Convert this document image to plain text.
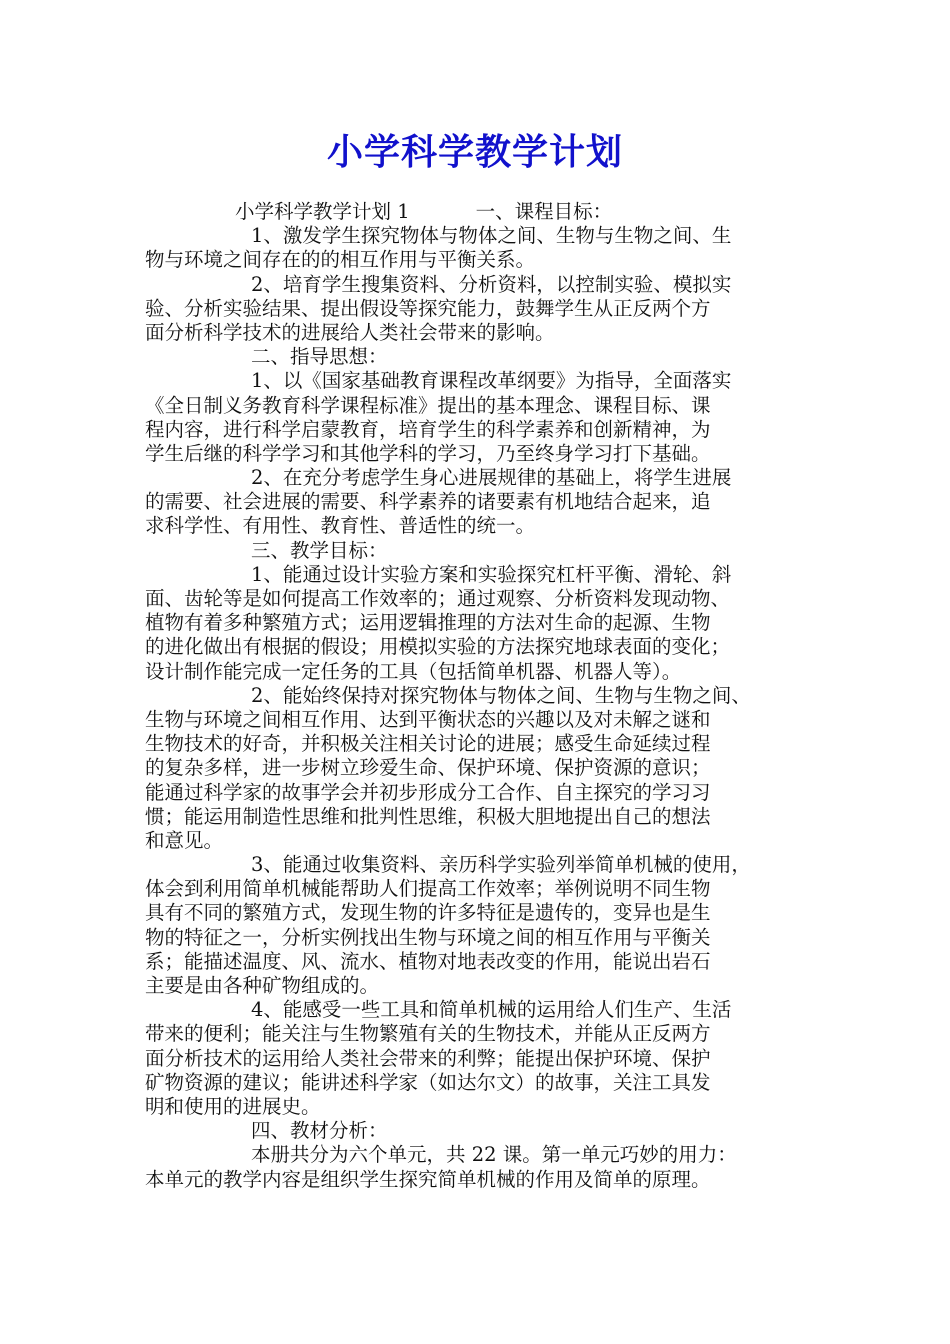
小学科学教学计划
小学科学教学计划 1	一、课程目标：
1、激发学生探究物体与物体之间、生物与生物之间、生
物与环境之间存在的的相互作用与平衡关系。
2、培育学生搜集资料、分析资料，以控制实验、模拟实
验、分析实验结果、提出假设等探究能力，鼓舞学生从正反两个方
面分析科学技术的进展给人类社会带来的影响。
二、指导思想：
1、以《国家基础教育课程改革纲要》为指导，全面落实
《全日制义务教育科学课程标准》提出的基本理念、课程目标、课
程内容，进行科学启蒙教育，培育学生的科学素养和创新精神，为
学生后继的科学学习和其他学科的学习，乃至终身学习打下基础。
2、在充分考虑学生身心进展规律的基础上，将学生进展
的需要、社会进展的需要、科学素养的诸要素有机地结合起来，追
求科学性、有用性、教育性、普适性的统一。
三、教学目标：
1、能通过设计实验方案和实验探究杠杆平衡、滑轮、斜
面、齿轮等是如何提高工作效率的；通过观察、分析资料发现动物、
植物有着多种繁殖方式；运用逻辑推理的方法对生命的起源、生物
的进化做出有根据的假设；用模拟实验的方法探究地球表面的变化；
设计制作能完成一定任务的工具（包括简单机器、机器人等）。
2、能始终保持对探究物体与物体之间、生物与生物之间、
生物与环境之间相互作用、达到平衡状态的兴趣以及对未解之谜和
生物技术的好奇，并积极关注相关讨论的进展；感受生命延续过程
的复杂多样，进一步树立珍爱生命、保护环境、保护资源的意识；
能通过科学家的故事学会并初步形成分工合作、自主探究的学习习
惯；能运用制造性思维和批判性思维，积极大胆地提出自己的想法
和意见。
3、能通过收集资料、亲历科学实验列举简单机械的使用，
体会到利用简单机械能帮助人们提高工作效率；举例说明不同生物
具有不同的繁殖方式，发现生物的许多特征是遗传的，变异也是生
物的特征之一，分析实例找出生物与环境之间的相互作用与平衡关
系；能描述温度、风、流水、植物对地表改变的作用，能说出岩石
主要是由各种矿物组成的。
4、能感受一些工具和简单机械的运用给人们生产、生活
带来的便利；能关注与生物繁殖有关的生物技术，并能从正反两方
面分析技术的运用给人类社会带来的利弊；能提出保护环境、保护
矿物资源的建议；能讲述科学家（如达尔文）的故事，关注工具发
明和使用的进展史。
四、教材分析：
本册共分为六个单元，共 22 课。第一单元巧妙的用力：
本单元的教学内容是组织学生探究简单机械的作用及简单的原理。
